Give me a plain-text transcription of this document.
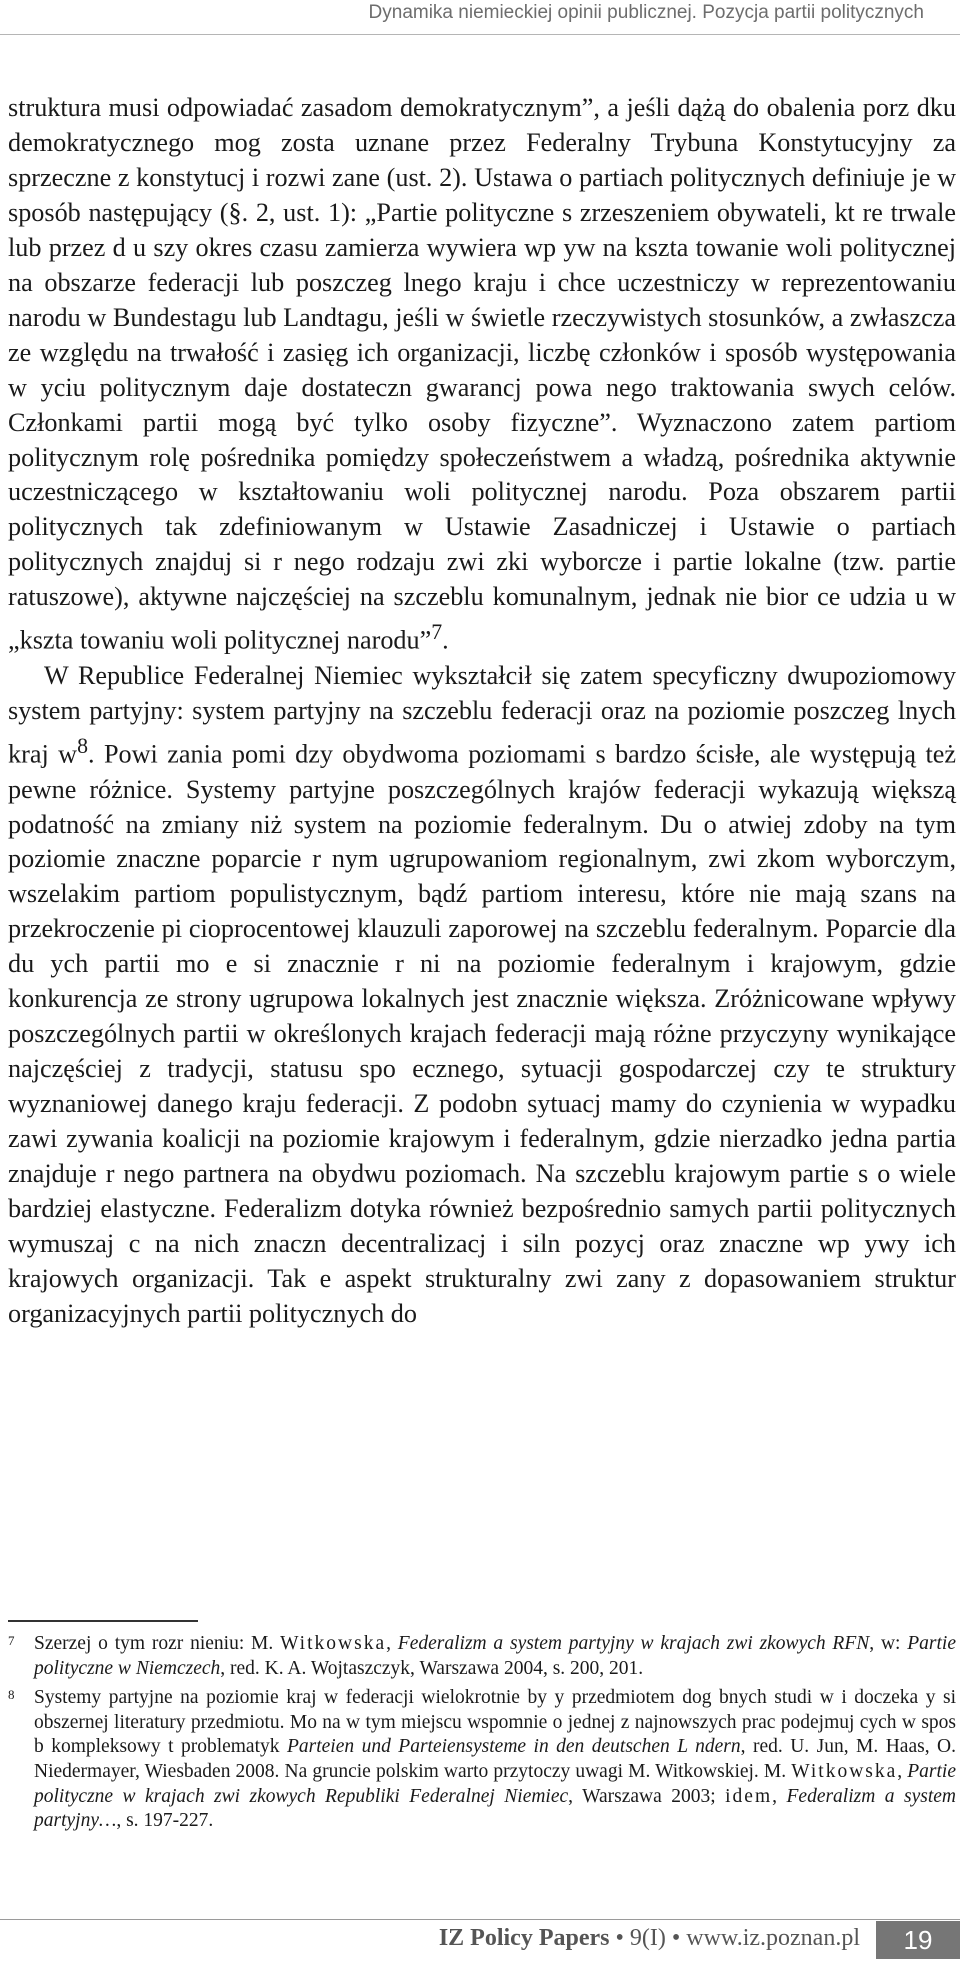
Dynamika niemieckiej opinii publicznej. Pozycja partii politycznych

struktura musi odpowiadać zasadom demokratycznym”, a jeśli dążą do obalenia porz dku demokratycznego mog zosta uznane przez Federalny Trybuna Konstytucyjny za sprzeczne z konstytucj i rozwi zane (ust. 2). Ustawa o partiach politycznych definiuje je w sposób następujący (§. 2, ust. 1): „Partie polityczne s zrzeszeniem obywateli, kt re trwale lub przez d u szy okres czasu zamierza wywiera wp yw na kszta towanie woli politycznej na obszarze federacji lub poszczeg lnego kraju i chce uczestniczy w reprezentowaniu narodu w Bundestagu lub Landtagu, jeśli w świetle rzeczywistych stosunków, a zwłaszcza ze względu na trwałość i zasięg ich organizacji, liczbę członków i sposób występowania w yciu politycznym daje dostateczn gwarancj powa nego traktowania swych celów. Członkami partii mogą być tylko osoby fizyczne”. Wyznaczono zatem partiom politycznym rolę pośrednika pomiędzy społeczeństwem a władzą, pośrednika aktywnie uczestniczącego w kształtowaniu woli politycznej narodu. Poza obszarem partii politycznych tak zdefiniowanym w Ustawie Zasadniczej i Ustawie o partiach politycznych znajduj si r nego rodzaju zwi zki wyborcze i partie lokalne (tzw. partie ratuszowe), aktywne najczęściej na szczeblu komunalnym, jednak nie bior ce udzia u w „kszta towaniu woli politycznej narodu”$^7$.

W Republice Federalnej Niemiec wykształcił się zatem specyficzny dwupoziomowy system partyjny: system partyjny na szczeblu federacji oraz na poziomie poszczeg lnych kraj $w^8$. Powi zania pomi dzy obydwoma poziomami s bardzo ścisłe, ale występują też pewne różnice. Systemy partyjne poszczególnych krajów federacji wykazują większą podatność na zmiany niż system na poziomie federalnym. Du o atwiej zdoby na tym poziomie znaczne poparcie r nym ugrupowaniom regionalnym, zwi zkom wyborczym, wszelakim partiom populistycznym, bądź partiom interesu, które nie mają szans na przekroczenie pi cioprocentowej klauzuli zaporowej na szczeblu federalnym. Poparcie dla du ych partii mo e si znacznie r ni na poziomie federalnym i krajowym, gdzie konkurencja ze strony ugrupowa lokalnych jest znacznie większa. Zróżnicowane wpływy poszczególnych partii w określonych krajach federacji mają różne przyczyny wynikające najczęściej z tradycji, statusu spo ecznego, sytuacji gospodarczej czy te struktury wyznaniowej danego kraju federacji. Z podobn sytuacj mamy do czynienia w wypadku zawi zywania koalicji na poziomie krajowym i federalnym, gdzie nierzadko jedna partia znajduje r nego partnera na obydwu poziomach. Na szczeblu krajowym partie s o wiele bardziej elastyczne. Federalizm dotyka również bezpośrednio samych partii politycznych wymuszaj c na nich znaczn decentralizacj i siln pozycj oraz znaczne wp ywy ich krajowych organizacji. Tak e aspekt strukturalny zwi zany z dopasowaniem struktur organizacyjnych partii politycznych do

7 Szerzej o tym rozr nieniu: M. Witkowska, Federalizm a system partyjny w krajach zwi zkowych RFN, w: Partie polityczne w Niemczech, red. K. A. Wojtaszczyk, Warszawa 2004, s. 200, 201.
8 Systemy partyjne na poziomie kraj w federacji wielokrotnie by y przedmiotem dog bnych studi w i doczeka y si obszernej literatury przedmiotu. Mo na w tym miejscu wspomnie o jednej z najnowszych prac podejmuj cych w spos b kompleksowy t problematyk Parteien und Parteiensysteme in den deutschen L ndern, red. U. Jun, M. Haas, O. Niedermayer, Wiesbaden 2008. Na gruncie polskim warto przytoczy uwagi M. Witkowskiej. M. Witkowska, Partie polityczne w krajach zwi zkowych Republiki Federalnej Niemiec, Warszawa 2003; idem, Federalizm a system partyjny…, s. 197-227.
IZ Policy Papers • 9(I) • www.iz.poznan.pl	19
